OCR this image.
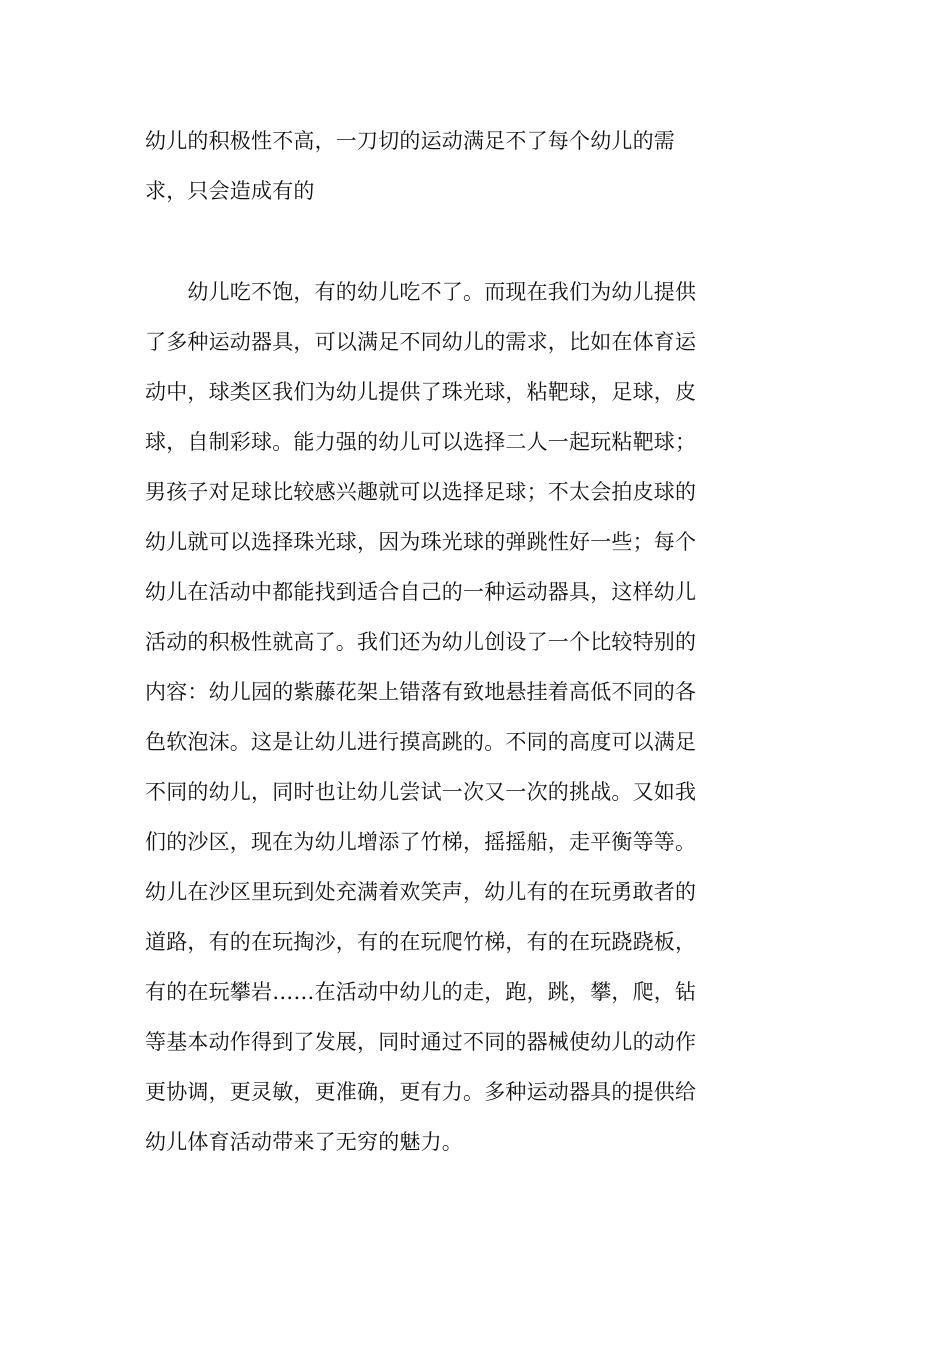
幼儿的积极性不高，一刀切的运动满足不了每个幼儿的需

求，只会造成有的

　　幼儿吃不饱，有的幼儿吃不了。而现在我们为幼儿提供

了多种运动器具，可以满足不同幼儿的需求，比如在体育运

动中，球类区我们为幼儿提供了珠光球，粘靶球，足球，皮

球，自制彩球。能力强的幼儿可以选择二人一起玩粘靶球；

男孩子对足球比较感兴趣就可以选择足球；不太会拍皮球的

幼儿就可以选择珠光球，因为珠光球的弹跳性好一些；每个

幼儿在活动中都能找到适合自己的一种运动器具，这样幼儿

活动的积极性就高了。我们还为幼儿创设了一个比较特别的

内容：幼儿园的紫藤花架上错落有致地悬挂着高低不同的各

色软泡沫。这是让幼儿进行摸高跳的。不同的高度可以满足

不同的幼儿，同时也让幼儿尝试一次又一次的挑战。又如我

们的沙区，现在为幼儿增添了竹梯，摇摇船，走平衡等等。

幼儿在沙区里玩到处充满着欢笑声，幼儿有的在玩勇敢者的

道路，有的在玩掏沙，有的在玩爬竹梯，有的在玩跷跷板，

有的在玩攀岩……在活动中幼儿的走，跑，跳，攀，爬，钻

等基本动作得到了发展，同时通过不同的器械使幼儿的动作

更协调，更灵敏，更准确，更有力。多种运动器具的提供给

幼儿体育活动带来了无穷的魅力。
